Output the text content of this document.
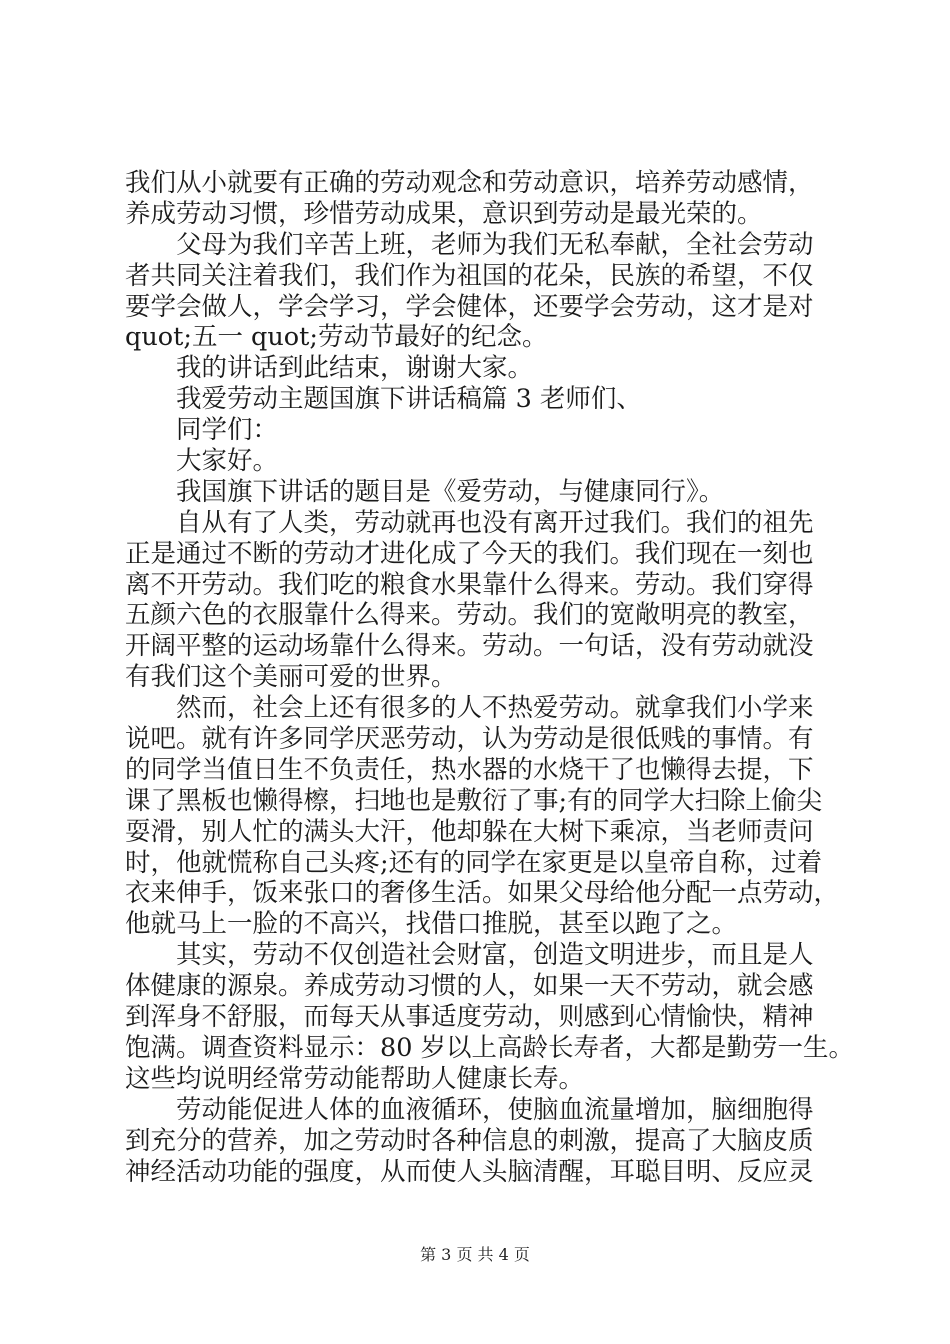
我们从小就要有正确的劳动观念和劳动意识，培养劳动感情，
养成劳动习惯，珍惜劳动成果，意识到劳动是最光荣的。
父母为我们辛苦上班，老师为我们无私奉献，全社会劳动
者共同关注着我们，我们作为祖国的花朵，民族的希望，不仅
要学会做人，学会学习，学会健体，还要学会劳动，这才是对
quot;五一 quot;劳动节最好的纪念。
我的讲话到此结束，谢谢大家。
我爱劳动主题国旗下讲话稿篇 3 老师们、
同学们：
大家好。
我国旗下讲话的题目是《爱劳动，与健康同行》。
自从有了人类，劳动就再也没有离开过我们。我们的祖先
正是通过不断的劳动才进化成了今天的我们。我们现在一刻也
离不开劳动。我们吃的粮食水果靠什么得来。劳动。我们穿得
五颜六色的衣服靠什么得来。劳动。我们的宽敞明亮的教室，
开阔平整的运动场靠什么得来。劳动。一句话，没有劳动就没
有我们这个美丽可爱的世界。
然而，社会上还有很多的人不热爱劳动。就拿我们小学来
说吧。就有许多同学厌恶劳动，认为劳动是很低贱的事情。有
的同学当值日生不负责任，热水器的水烧干了也懒得去提，下
课了黑板也懒得檫，扫地也是敷衍了事;有的同学大扫除上偷尖
耍滑，别人忙的满头大汗，他却躲在大树下乘凉，当老师责问
时，他就慌称自己头疼;还有的同学在家更是以皇帝自称，过着
衣来伸手，饭来张口的奢侈生活。如果父母给他分配一点劳动，
他就马上一脸的不高兴，找借口推脱，甚至以跑了之。
其实，劳动不仅创造社会财富，创造文明进步，而且是人
体健康的源泉。养成劳动习惯的人，如果一天不劳动，就会感
到浑身不舒服，而每天从事适度劳动，则感到心情愉快，精神
饱满。调查资料显示：80 岁以上高龄长寿者，大都是勤劳一生。
这些均说明经常劳动能帮助人健康长寿。
劳动能促进人体的血液循环，使脑血流量增加，脑细胞得
到充分的营养，加之劳动时各种信息的刺激，提高了大脑皮质
神经活动功能的强度，从而使人头脑清醒，耳聪目明、反应灵
第 3 页 共 4 页
